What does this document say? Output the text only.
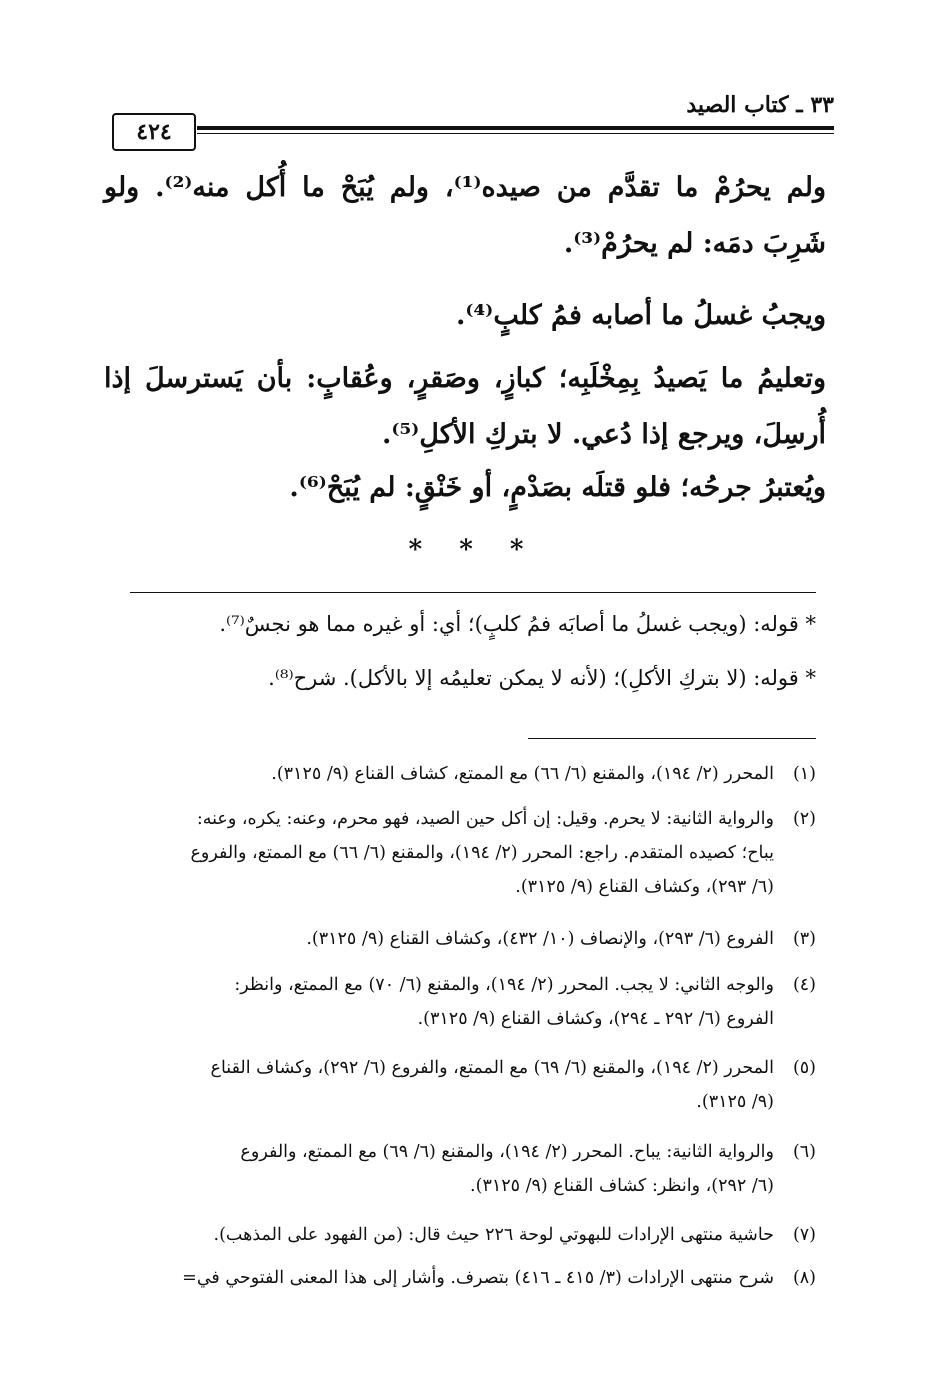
٣٣ ـ كتاب الصيد
٤٢٤
ولم يحرُمْ ما تقدَّم من صيده⁽¹⁾، ولم يُبَحْ ما أُكل منه⁽²⁾. ولو شَرِبَ دمَه: لم يحرُمْ⁽³⁾.
ويجبُ غسلُ ما أصابه فمُ كلبٍ⁽⁴⁾.
وتعليمُ ما يَصيدُ بِمِخْلَبِه؛ كبازٍ، وصَقرٍ، وعُقابٍ: بأن يَسترسلَ إذا أُرسِلَ، ويرجع إذا دُعي. لا بتركِ الأكلِ⁽⁵⁾.
ويُعتبرُ جرحُه؛ فلو قتلَه بصَدْمٍ، أو خَنْقٍ: لم يُبَحْ⁽⁶⁾.
* * *
* قوله: (ويجب غسلُ ما أصابَه فمُ كلبٍ)؛ أي: أو غيره مما هو نجسٌ⁽⁷⁾.
* قوله: (لا بتركِ الأكلِ)؛ (لأنه لا يمكن تعليمُه إلا بالأكل). شرح⁽⁸⁾.
(١)المحرر (٢/ ١٩٤)، والمقنع (٦/ ٦٦) مع الممتع، كشاف القناع (٩/ ٣١٢٥).
(٢)والرواية الثانية: لا يحرم. وقيل: إن أكل حين الصيد، فهو محرم، وعنه: يكره، وعنه:
يباح؛ كصيده المتقدم. راجع: المحرر (٢/ ١٩٤)، والمقنع (٦/ ٦٦) مع الممتع، والفروع
(٦/ ٢٩٣)، وكشاف القناع (٩/ ٣١٢٥).
(٣)الفروع (٦/ ٢٩٣)، والإنصاف (١٠/ ٤٣٢)، وكشاف القناع (٩/ ٣١٢٥).
(٤)والوجه الثاني: لا يجب. المحرر (٢/ ١٩٤)، والمقنع (٦/ ٧٠) مع الممتع، وانظر:
الفروع (٦/ ٢٩٢ ـ ٢٩٤)، وكشاف القناع (٩/ ٣١٢٥).
(٥)المحرر (٢/ ١٩٤)، والمقنع (٦/ ٦٩) مع الممتع، والفروع (٦/ ٢٩٢)، وكشاف القناع
(٩/ ٣١٢٥).
(٦)والرواية الثانية: يباح. المحرر (٢/ ١٩٤)، والمقنع (٦/ ٦٩) مع الممتع، والفروع
(٦/ ٢٩٢)، وانظر: كشاف القناع (٩/ ٣١٢٥).
(٧)حاشية منتهى الإرادات للبهوتي لوحة ٢٢٦ حيث قال: (من الفهود على المذهب).
(٨)شرح منتهى الإرادات (٣/ ٤١٥ ـ ٤١٦) بتصرف. وأشار إلى هذا المعنى الفتوحي في=
